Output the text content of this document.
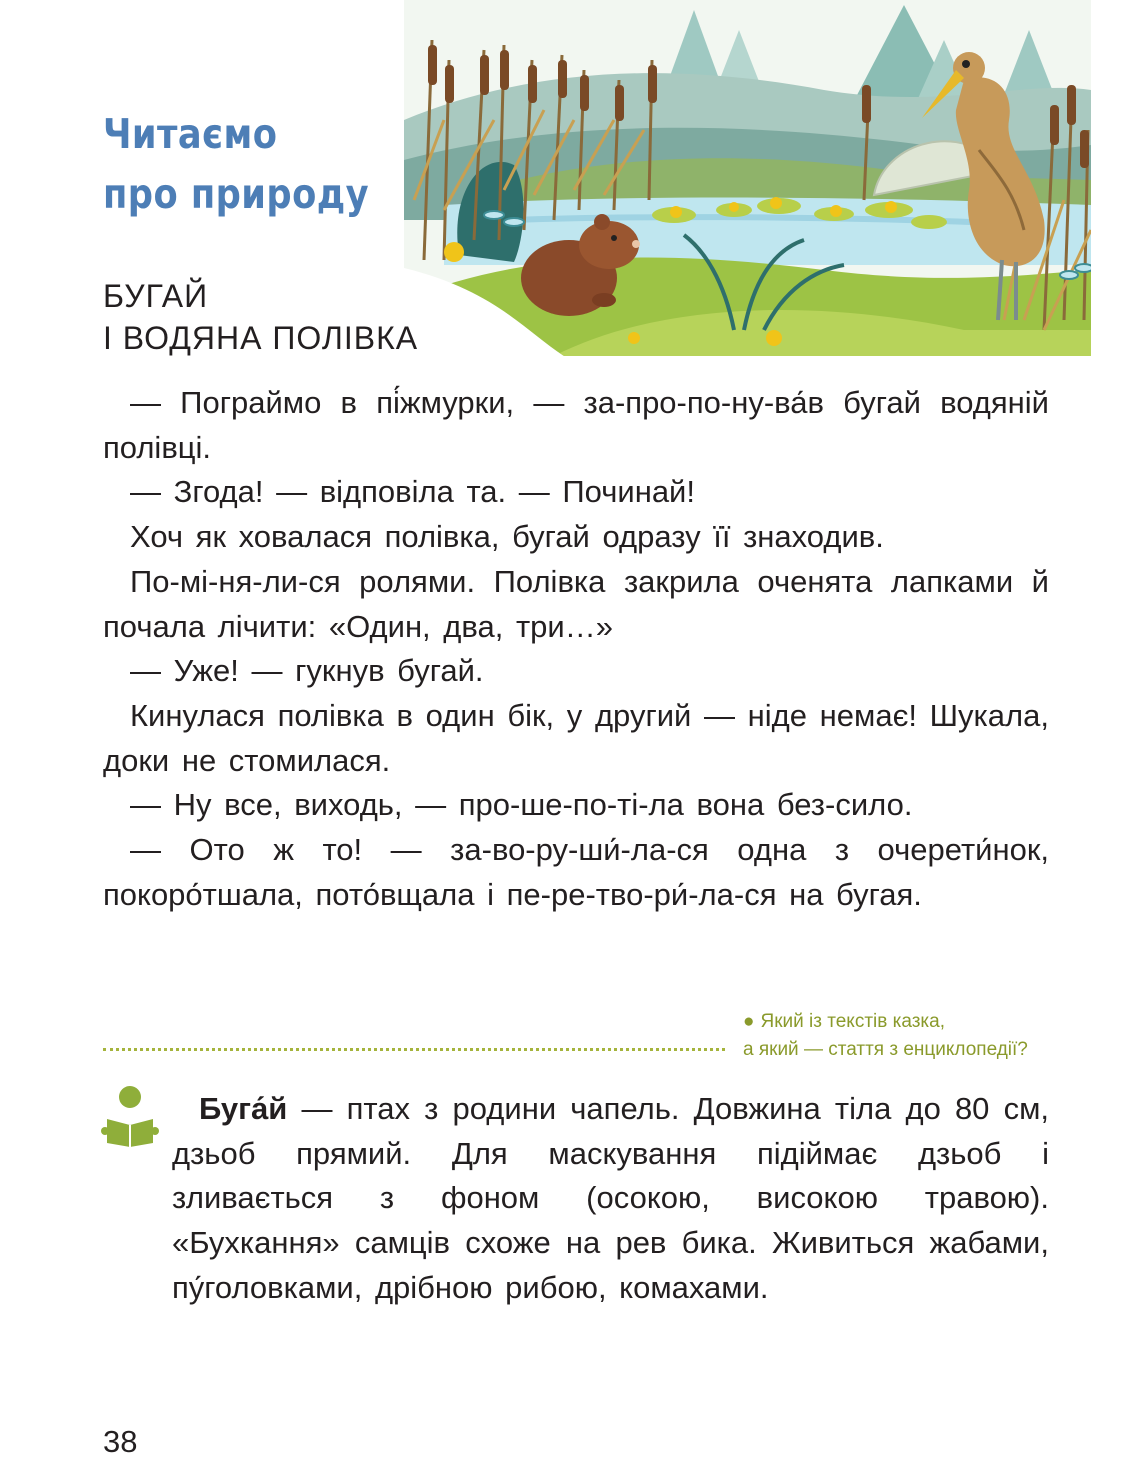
Читаємо
про природу
БУГАЙ
І ВОДЯНА ПОЛІВКА

— Пограймо в пі́жмурки, — за-про-по-ну-ва́в бугай водяній полівці.

— Згода! — відповіла та. — Починай!

Хоч як ховалася полівка, бугай одразу її знаходив.

По-мі-ня-ли-ся ролями. Полівка закрила оченята лапками й почала лічити: «Один, два, три…»

— Уже! — гукнув бугай.

Кинулася полівка в один бік, у другий — ніде немає! Шукала, доки не стомилася.

— Ну все, виходь, — про-ше-по-ті-ла вона без-сило.

— Ото ж то! — за-во-ру-ши́-ла-ся одна з очерети́нок, покоро́тшала, пото́вщала і пе-ре-тво-ри́-ла-ся на бугая.

● Який із текстів казка,
а який — стаття з енциклопедії?

Буга́й — птах з родини чапель. Довжина тіла до 80 см, дзьоб прямий. Для маскування підіймає дзьоб і зливається з фоном (осокою, високою травою). «Бухкання» самців схоже на рев бика. Живиться жабами, пу́головками, дрібною рибою, комахами.

38
